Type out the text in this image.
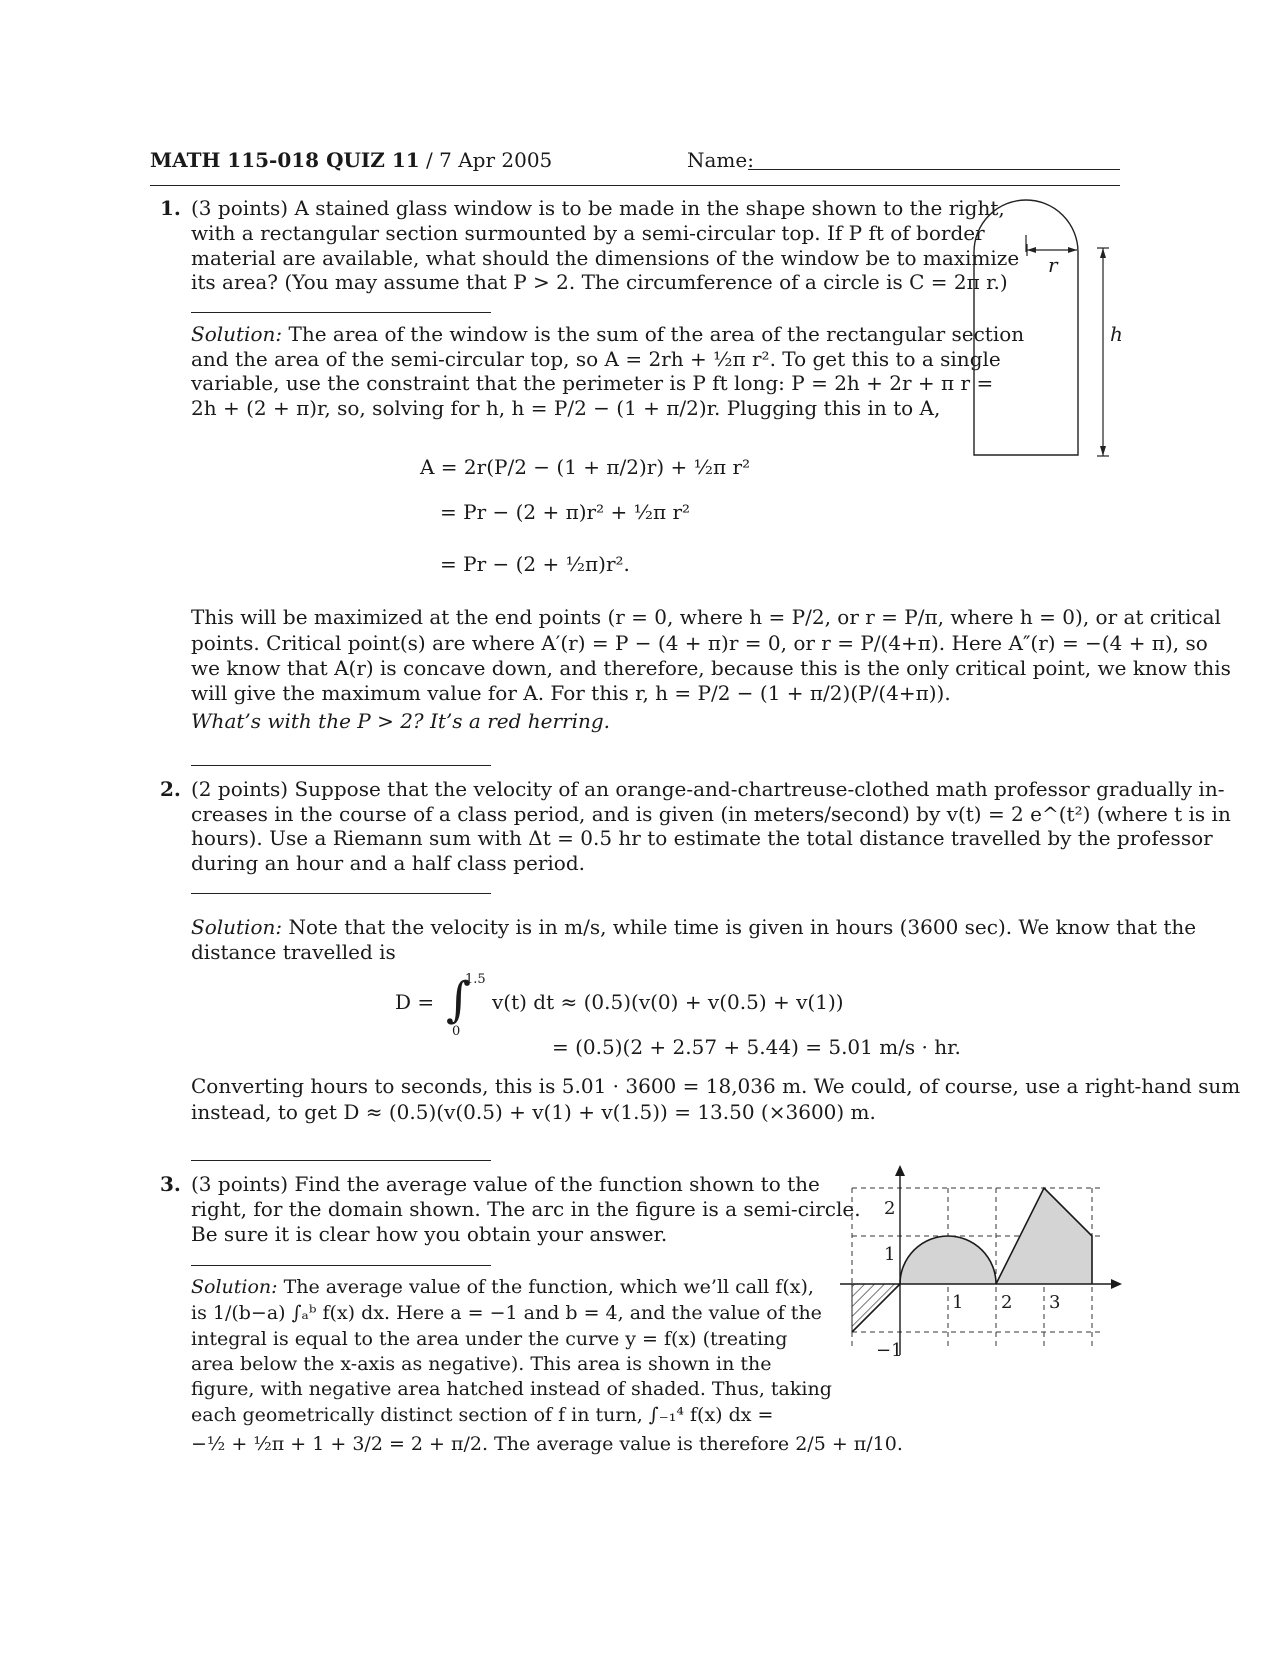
MATH 115-018 QUIZ 11 / 7 Apr 2005	Name:
1. (3 points) A stained glass window is to be made in the shape shown to the right,
with a rectangular section surmounted by a semi-circular top. If P ft of border
material are available, what should the dimensions of the window be to maximize
its area? (You may assume that P > 2. The circumference of a circle is C = 2π r.)
Solution: The area of the window is the sum of the area of the rectangular section
and the area of the semi-circular top, so A = 2rh + ½π r². To get this to a single
variable, use the constraint that the perimeter is P ft long: P = 2h + 2r + π r =
2h + (2 + π)r, so, solving for h, h = P/2 − (1 + π/2)r. Plugging this in to A,
A = 2r(P/2 − (1 + π/2)r) + ½π r²
= Pr − (2 + π)r² + ½π r²
= Pr − (2 + ½π)r².
This will be maximized at the end points (r = 0, where h = P/2, or r = P/π, where h = 0), or at critical
points. Critical point(s) are where A′(r) = P − (4 + π)r = 0, or r = P/(4+π). Here A″(r) = −(4 + π), so
we know that A(r) is concave down, and therefore, because this is the only critical point, we know this
will give the maximum value for A. For this r, h = P/2 − (1 + π/2)(P/(4+π)).
What’s with the P > 2? It’s a red herring.
r
h
2. (2 points) Suppose that the velocity of an orange-and-chartreuse-clothed math professor gradually in-
creases in the course of a class period, and is given (in meters/second) by v(t) = 2 e^(t²) (where t is in
hours). Use a Riemann sum with Δt = 0.5 hr to estimate the total distance travelled by the professor
during an hour and a half class period.
Solution: Note that the velocity is in m/s, while time is given in hours (3600 sec). We know that the
distance travelled is
D = ∫
1.5
0
v(t) dt ≈ (0.5)(v(0) + v(0.5) + v(1))
= (0.5)(2 + 2.57 + 5.44) = 5.01 m/s · hr.
Converting hours to seconds, this is 5.01 · 3600 = 18,036 m. We could, of course, use a right-hand sum
instead, to get D ≈ (0.5)(v(0.5) + v(1) + v(1.5)) = 13.50 (×3600) m.
3. (3 points) Find the average value of the function shown to the
right, for the domain shown. The arc in the figure is a semi-circle.
Be sure it is clear how you obtain your answer.
Solution: The average value of the function, which we’ll call f(x),
is 1/(b−a) ∫ₐᵇ f(x) dx. Here a = −1 and b = 4, and the value of the
integral is equal to the area under the curve y = f(x) (treating
area below the x-axis as negative). This area is shown in the
figure, with negative area hatched instead of shaded. Thus, taking
each geometrically distinct section of f in turn, ∫₋₁⁴ f(x) dx =
−½ + ½π + 1 + 3/2 = 2 + π/2. The average value is therefore 2/5 + π/10.
1 2 3
2
1
−1
